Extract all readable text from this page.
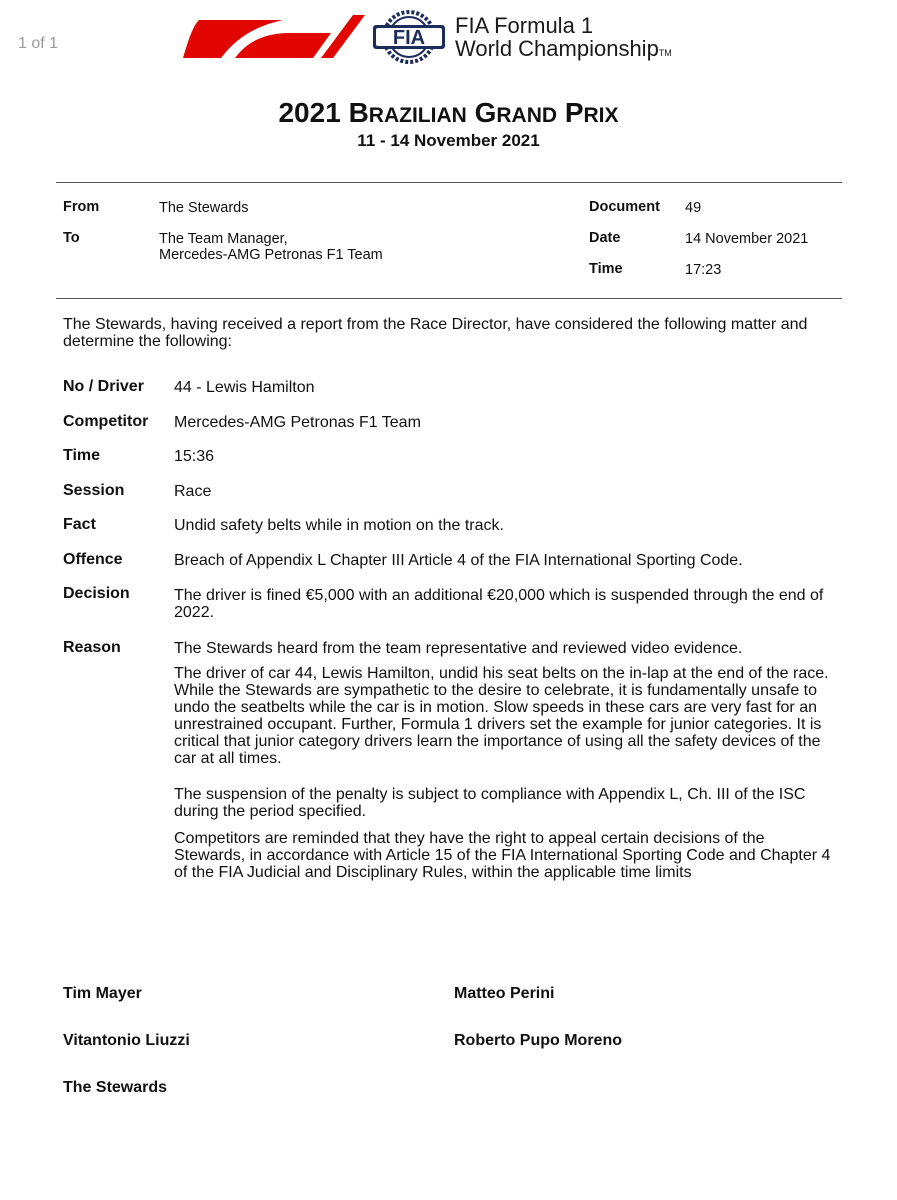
1 of 1	FIA FIA Formula 1
World ChampionshipTM
2021 BRAZILIAN GRAND PRIX
11 - 14 November 2021
From	The Stewards
To	The Team Manager,
Mercedes-AMG Petronas F1 Team
Document 49
Date	14 November 2021
Time	17:23
The Stewards, having received a report from the Race Director, have considered the following matter and determine the following:
No / Driver 44 - Lewis Hamilton
Competitor Mercedes-AMG Petronas F1 Team
Time	15:36
Session	Race
Fact	Undid safety belts while in motion on the track.
Offence	Breach of Appendix L Chapter III Article 4 of the FIA International Sporting Code.
Decision	The driver is fined €5,000 with an additional €20,000 which is suspended through the end of 2022.
Reason	The Stewards heard from the team representative and reviewed video evidence.
The driver of car 44, Lewis Hamilton, undid his seat belts on the in-lap at the end of the race. While the Stewards are sympathetic to the desire to celebrate, it is fundamentally unsafe to undo the seatbelts while the car is in motion. Slow speeds in these cars are very fast for an unrestrained occupant. Further, Formula 1 drivers set the example for junior categories. It is critical that junior category drivers learn the importance of using all the safety devices of the car at all times.
The suspension of the penalty is subject to compliance with Appendix L, Ch. III of the ISC during the period specified.
Competitors are reminded that they have the right to appeal certain decisions of the Stewards, in accordance with Article 15 of the FIA International Sporting Code and Chapter 4 of the FIA Judicial and Disciplinary Rules, within the applicable time limits
Tim Mayer	Matteo Perini
Vitantonio Liuzzi	Roberto Pupo Moreno
The Stewards
